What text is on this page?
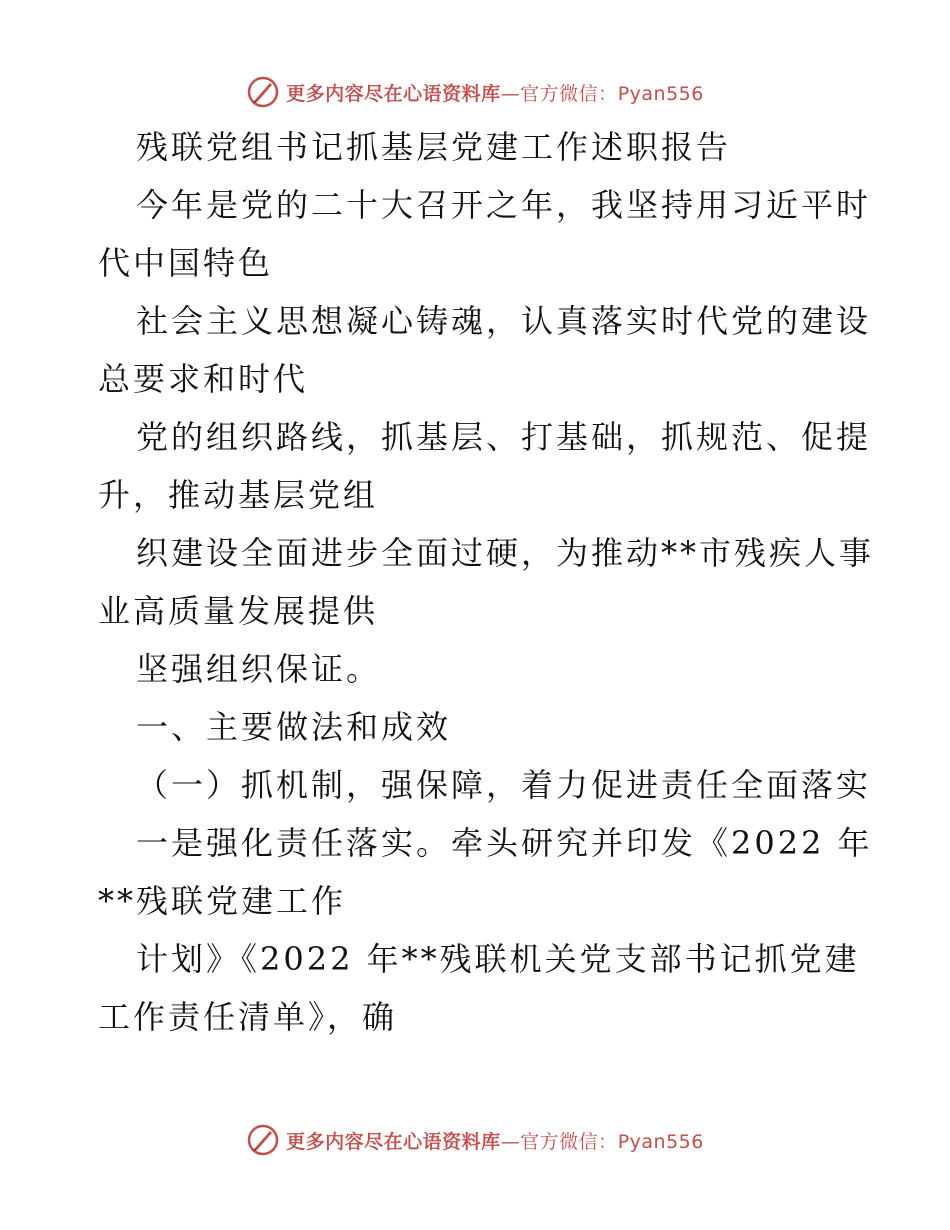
更多内容尽在心语资料库—官方微信：Pyan556
残联党组书记抓基层党建工作述职报告
今年是党的二十大召开之年，我坚持用习近平时
代中国特色
社会主义思想凝心铸魂，认真落实时代党的建设
总要求和时代
党的组织路线，抓基层、打基础，抓规范、促提
升，推动基层党组
织建设全面进步全面过硬，为推动**市残疾人事
业高质量发展提供
坚强组织保证。
一、主要做法和成效
（一）抓机制，强保障，着力促进责任全面落实
一是强化责任落实。牵头研究并印发《2022 年
**残联党建工作
计划》《2022 年**残联机关党支部书记抓党建
工作责任清单》，确
更多内容尽在心语资料库—官方微信：Pyan556
